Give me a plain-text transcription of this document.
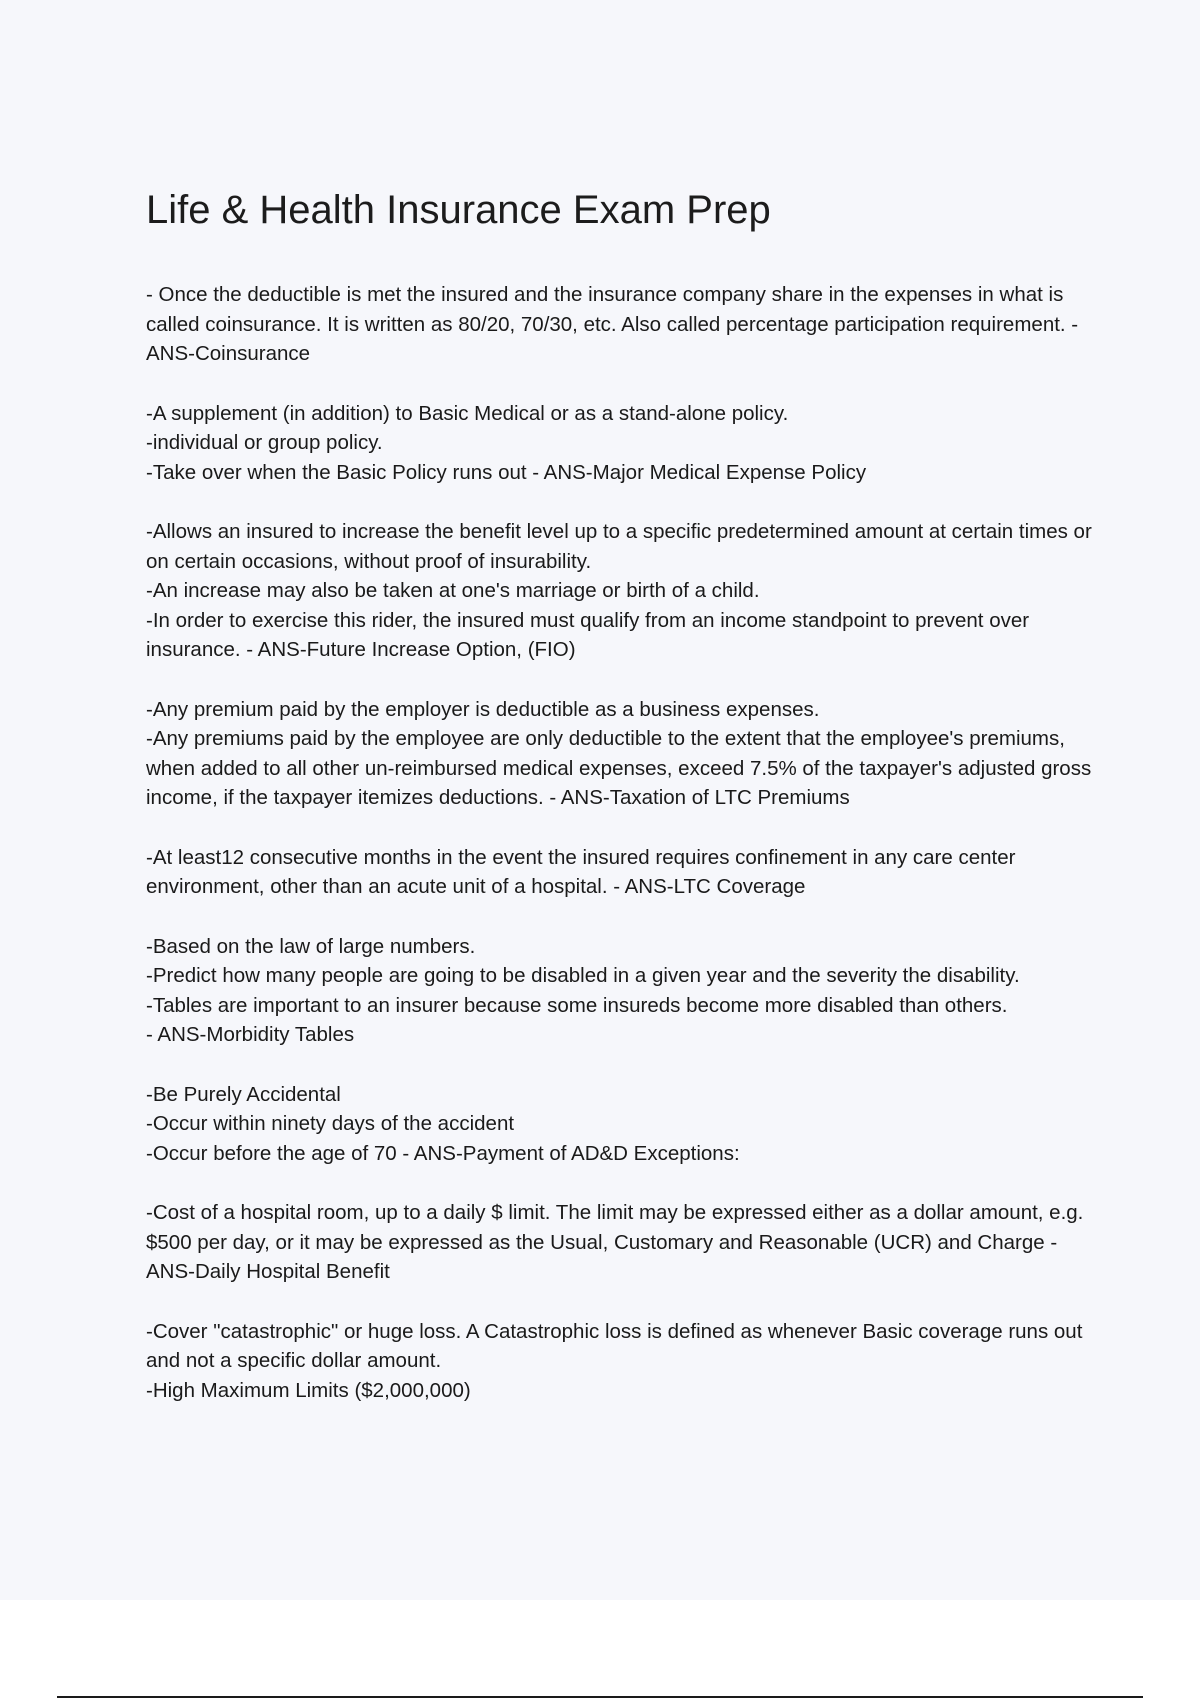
Life & Health Insurance Exam Prep

- Once the deductible is met the insured and the insurance company share in the expenses in what is called coinsurance. It is written as 80/20, 70/30, etc. Also called percentage participation requirement. - ANS-Coinsurance

-A supplement (in addition) to Basic Medical or as a stand-alone policy.

-individual or group policy.

-Take over when the Basic Policy runs out - ANS-Major Medical Expense Policy

-Allows an insured to increase the benefit level up to a specific predetermined amount at certain times or on certain occasions, without proof of insurability.

-An increase may also be taken at one's marriage or birth of a child.

-In order to exercise this rider, the insured must qualify from an income standpoint to prevent over insurance. - ANS-Future Increase Option, (FIO)

-Any premium paid by the employer is deductible as a business expenses.

-Any premiums paid by the employee are only deductible to the extent that the employee's premiums, when added to all other un-reimbursed medical expenses, exceed 7.5% of the taxpayer's adjusted gross income, if the taxpayer itemizes deductions. - ANS-Taxation of LTC Premiums

-At least12 consecutive months in the event the insured requires confinement in any care center environment, other than an acute unit of a hospital. - ANS-LTC Coverage

-Based on the law of large numbers.

-Predict how many people are going to be disabled in a given year and the severity the disability.

-Tables are important to an insurer because some insureds become more disabled than others.

- ANS-Morbidity Tables

-Be Purely Accidental

-Occur within ninety days of the accident

-Occur before the age of 70 - ANS-Payment of AD&D Exceptions:

-Cost of a hospital room, up to a daily $ limit. The limit may be expressed either as a dollar amount, e.g. $500 per day, or it may be expressed as the Usual, Customary and Reasonable (UCR) and Charge - ANS-Daily Hospital Benefit

-Cover "catastrophic" or huge loss. A Catastrophic loss is defined as whenever Basic coverage runs out and not a specific dollar amount.

-High Maximum Limits ($2,000,000)
